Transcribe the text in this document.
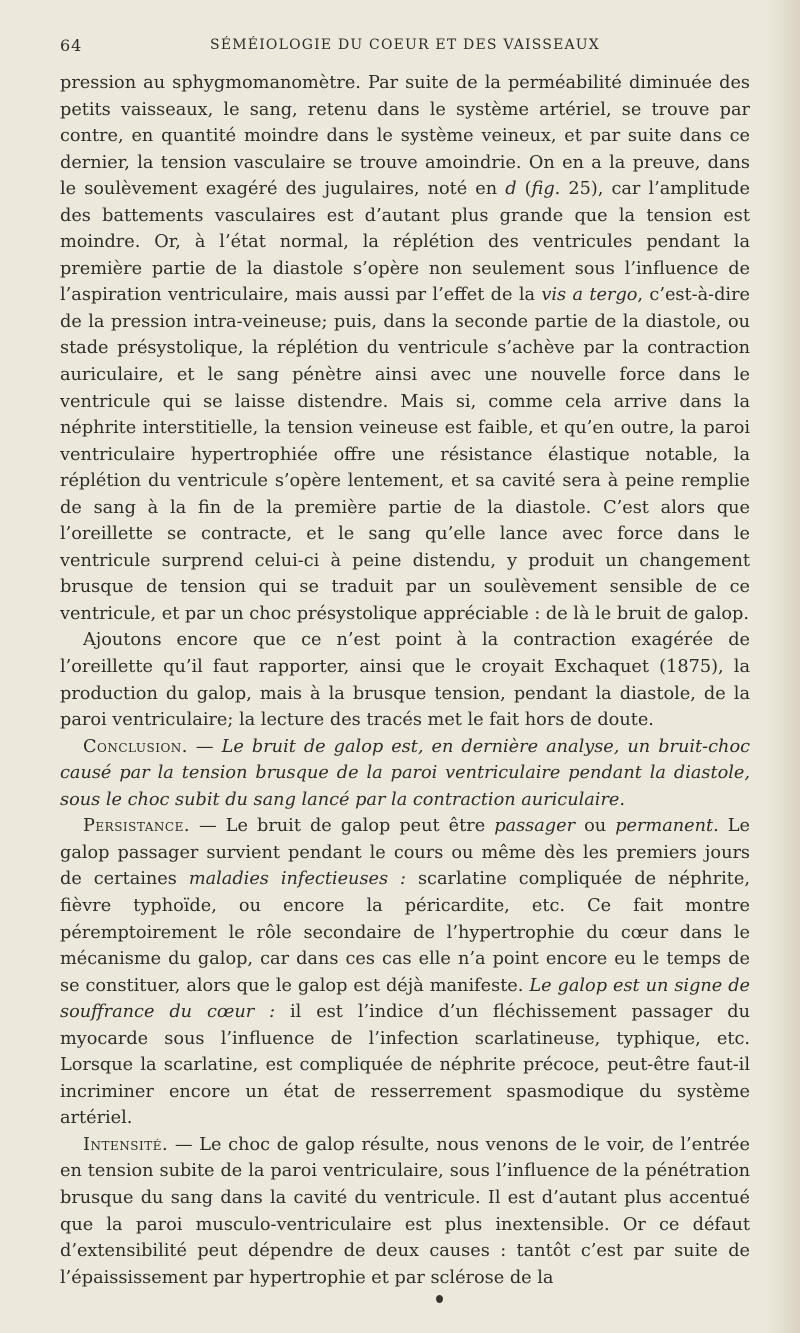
64	SÉMÉIOLOGIE DU COEUR ET DES VAISSEAUX

pression au sphygmomanomètre. Par suite de la perméabilité diminuée des petits vaisseaux, le sang, retenu dans le système artériel, se trouve par contre, en quantité moindre dans le système veineux, et par suite dans ce dernier, la tension vasculaire se trouve amoindrie. On en a la preuve, dans le soulèvement exagéré des jugulaires, noté en d (fig. 25), car l’amplitude des battements vasculaires est d’autant plus grande que la tension est moindre. Or, à l’état normal, la réplétion des ventricules pendant la première partie de la diastole s’opère non seulement sous l’influence de l’aspiration ventriculaire, mais aussi par l’effet de la vis a tergo, c’est-à-dire de la pression intra-veineuse; puis, dans la seconde partie de la diastole, ou stade présystolique, la réplétion du ventricule s’achève par la contraction auriculaire, et le sang pénètre ainsi avec une nouvelle force dans le ventricule qui se laisse distendre. Mais si, comme cela arrive dans la néphrite interstitielle, la tension veineuse est faible, et qu’en outre, la paroi ventriculaire hypertrophiée offre une résistance élastique notable, la réplétion du ventricule s’opère lentement, et sa cavité sera à peine remplie de sang à la fin de la première partie de la diastole. C’est alors que l’oreillette se contracte, et le sang qu’elle lance avec force dans le ventricule surprend celui-ci à peine distendu, y produit un changement brusque de tension qui se traduit par un soulèvement sensible de ce ventricule, et par un choc présystolique appréciable : de là le bruit de galop.

Ajoutons encore que ce n’est point à la contraction exagérée de l’oreillette qu’il faut rapporter, ainsi que le croyait Exchaquet (1875), la production du galop, mais à la brusque tension, pendant la diastole, de la paroi ventriculaire; la lecture des tracés met le fait hors de doute.

Conclusion. — Le bruit de galop est, en dernière analyse, un bruit-choc causé par la tension brusque de la paroi ventriculaire pendant la diastole, sous le choc subit du sang lancé par la contraction auriculaire.

Persistance. — Le bruit de galop peut être passager ou permanent. Le galop passager survient pendant le cours ou même dès les premiers jours de certaines maladies infectieuses : scarlatine compliquée de néphrite, fièvre typhoïde, ou encore la péricardite, etc. Ce fait montre péremptoirement le rôle secondaire de l’hypertrophie du cœur dans le mécanisme du galop, car dans ces cas elle n’a point encore eu le temps de se constituer, alors que le galop est déjà manifeste. Le galop est un signe de souffrance du cœur : il est l’indice d’un fléchissement passager du myocarde sous l’influence de l’infection scarlatineuse, typhique, etc. Lorsque la scarlatine, est compliquée de néphrite précoce, peut-être faut-il incriminer encore un état de resserrement spasmodique du système artériel.

Intensité. — Le choc de galop résulte, nous venons de le voir, de l’entrée en tension subite de la paroi ventriculaire, sous l’influence de la pénétration brusque du sang dans la cavité du ventricule. Il est d’autant plus accentué que la paroi musculo-ventriculaire est plus inextensible. Or ce défaut d’extensibilité peut dépendre de deux causes : tantôt c’est par suite de l’épaississement par hypertrophie et par sclérose de la
